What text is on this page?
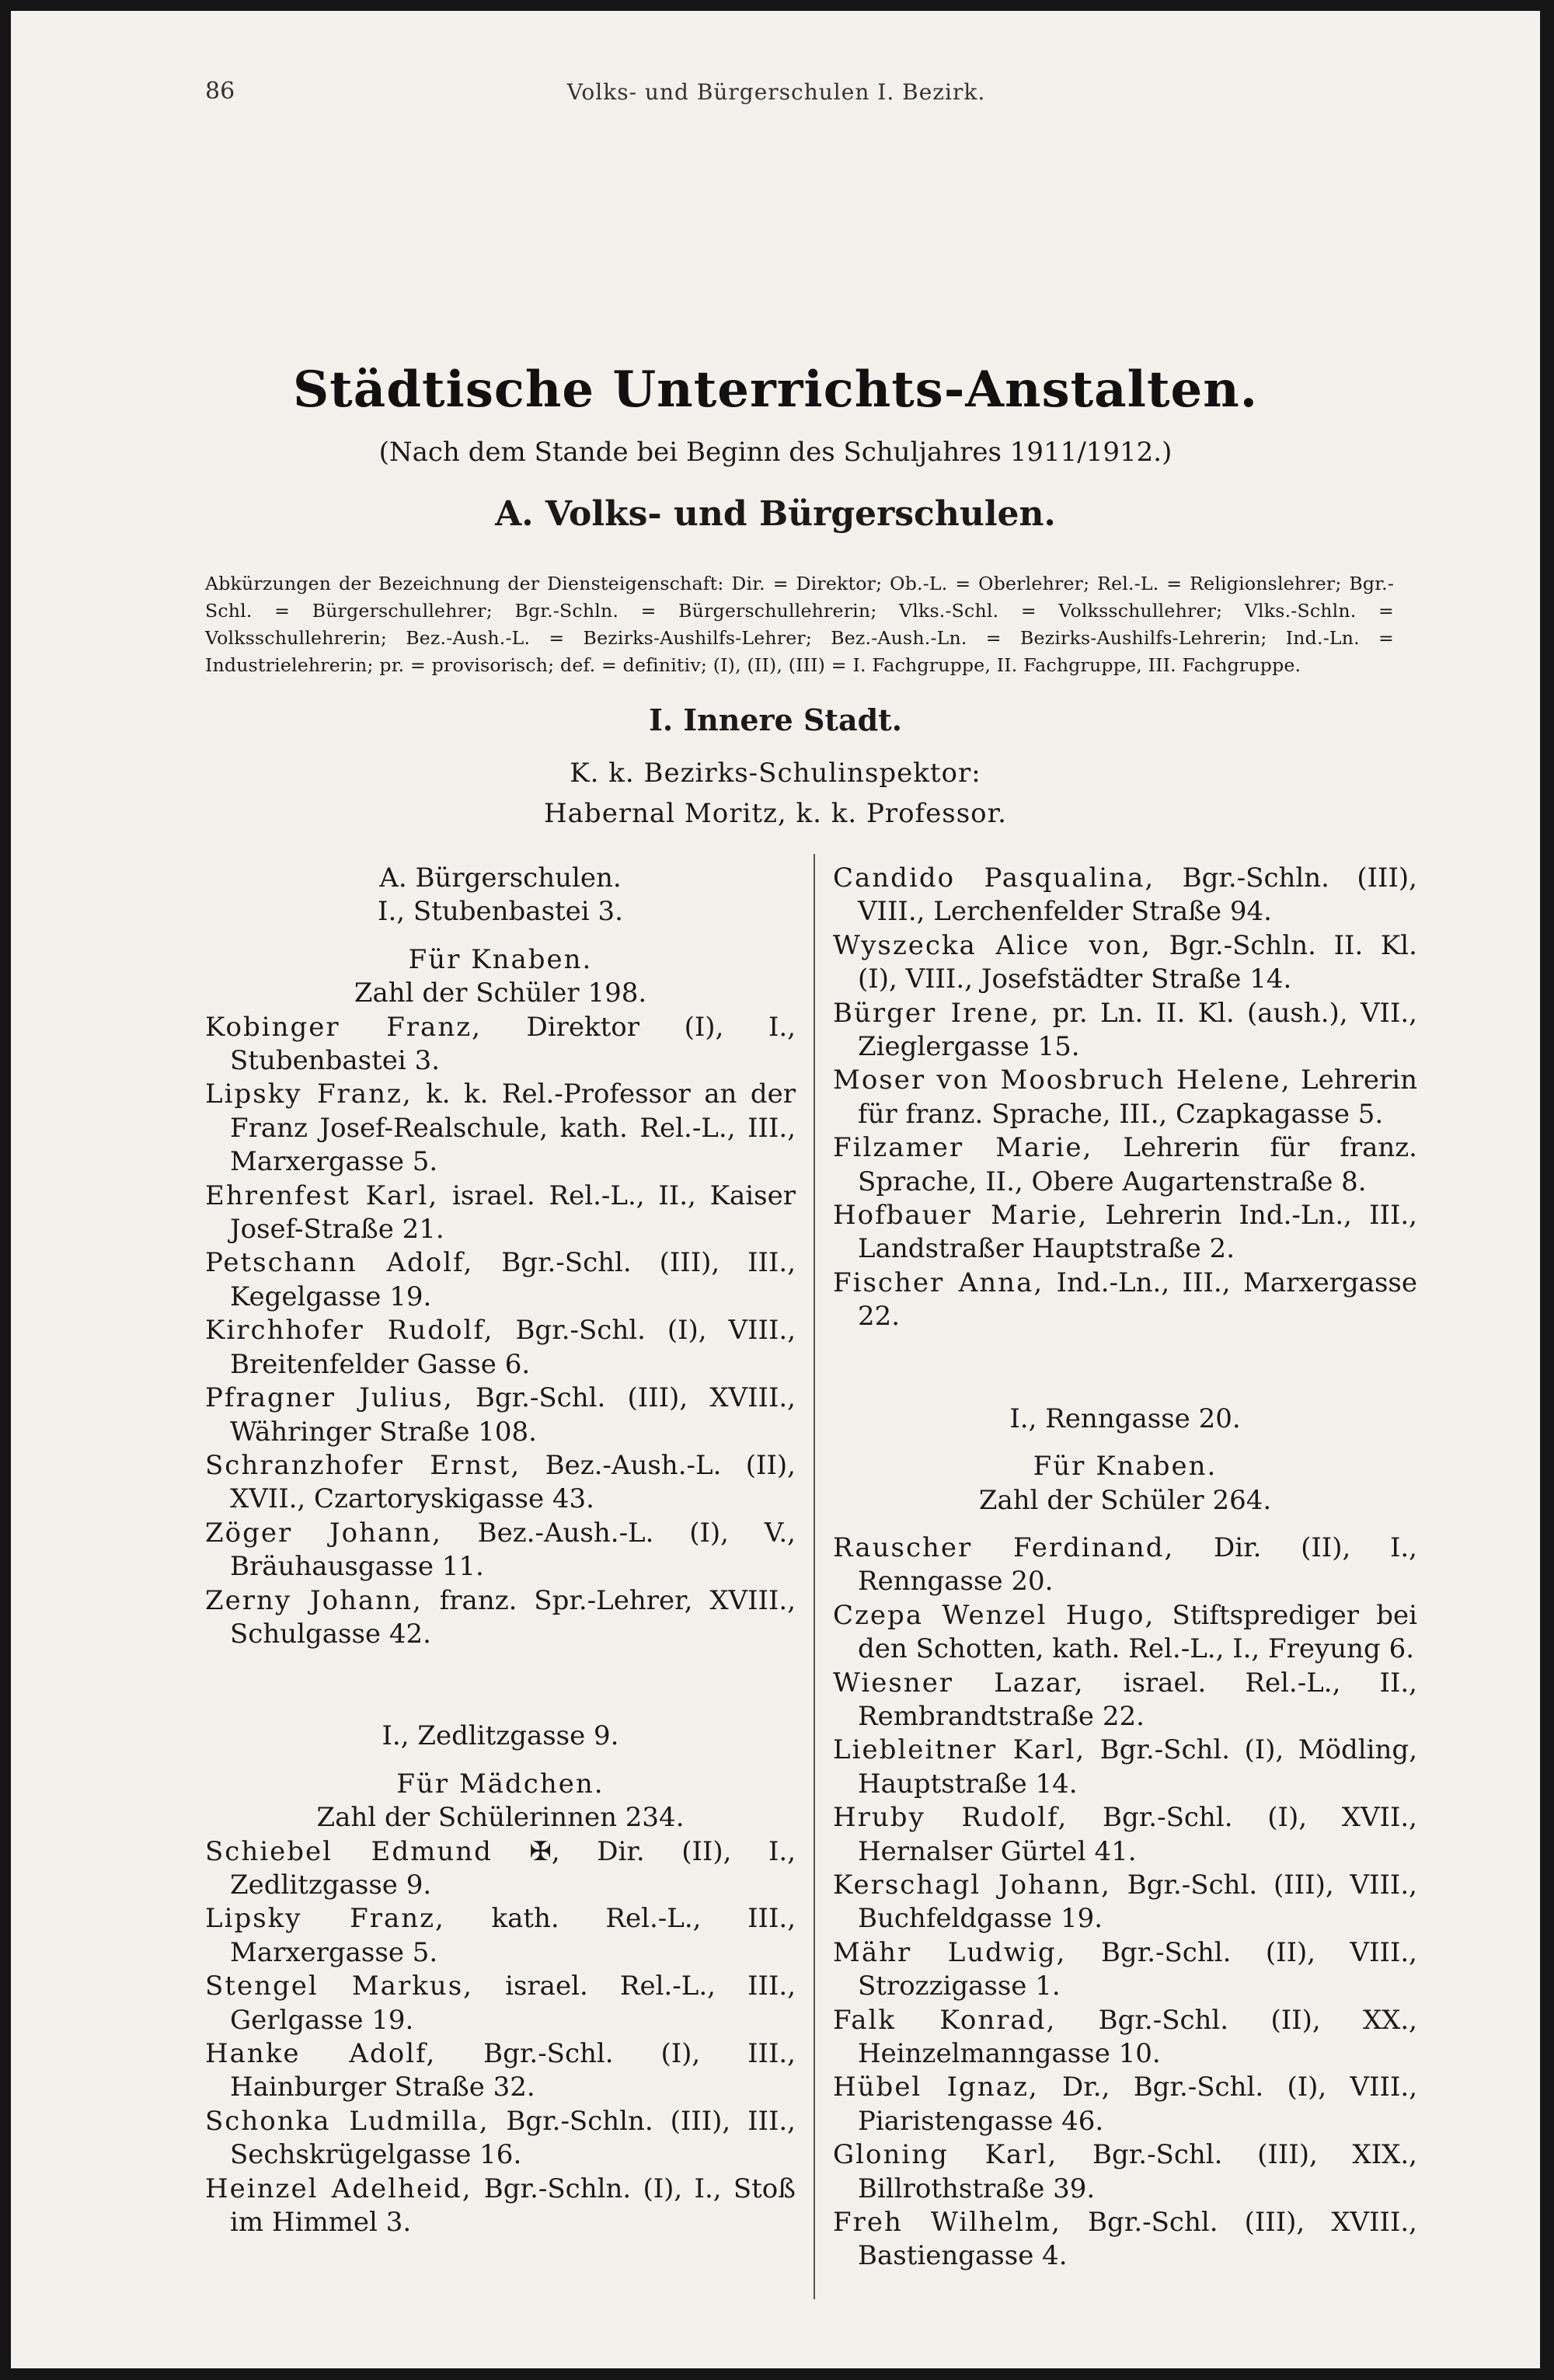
86	Volks- und Bürgerschulen I. Bezirk.
Städtische Unterrichts-Anstalten.
(Nach dem Stande bei Beginn des Schuljahres 1911/1912.)
A. Volks- und Bürgerschulen.
Abkürzungen der Bezeichnung der Diensteigenschaft: Dir. = Direktor; Ob.-L. = Oberlehrer; Rel.-L. = Religionslehrer; Bgr.-Schl. = Bürgerschullehrer; Bgr.-Schln. = Bürgerschullehrerin; Vlks.-Schl. = Volksschullehrer; Vlks.-Schln. = Volksschullehrerin; Bez.-Aush.-L. = Bezirks-Aushilfs-Lehrer; Bez.-Aush.-Ln. = Bezirks-Aushilfs-Lehrerin; Ind.-Ln. = Industrielehrerin; pr. = provisorisch; def. = definitiv; (I), (II), (III) = I. Fachgruppe, II. Fachgruppe, III. Fachgruppe.
I. Innere Stadt.
K. k. Bezirks-Schulinspektor:
Habernal Moritz, k. k. Professor.
A. Bürgerschulen.
I., Stubenbastei 3.
Für Knaben.
Zahl der Schüler 198.
Kobinger Franz, Direktor (I), I., Stubenbastei 3.
Lipsky Franz, k. k. Rel.-Professor an der Franz Josef-Realschule, kath. Rel.-L., III., Marxergasse 5.
Ehrenfest Karl, israel. Rel.-L., II., Kaiser Josef-Straße 21.
Petschann Adolf, Bgr.-Schl. (III), III., Kegelgasse 19.
Kirchhofer Rudolf, Bgr.-Schl. (I), VIII., Breitenfelder Gasse 6.
Pfragner Julius, Bgr.-Schl. (III), XVIII., Währinger Straße 108.
Schranzhofer Ernst, Bez.-Aush.-L. (II), XVII., Czartoryskigasse 43.
Zöger Johann, Bez.-Aush.-L. (I), V., Bräuhausgasse 11.
Zerny Johann, franz. Spr.-Lehrer, XVIII., Schulgasse 42.
I., Zedlitzgasse 9.
Für Mädchen.
Zahl der Schülerinnen 234.
Schiebel Edmund ✠, Dir. (II), I., Zedlitzgasse 9.
Lipsky Franz, kath. Rel.-L., III., Marxergasse 5.
Stengel Markus, israel. Rel.-L., III., Gerlgasse 19.
Hanke Adolf, Bgr.-Schl. (I), III., Hainburger Straße 32.
Schonka Ludmilla, Bgr.-Schln. (III), III., Sechskrügelgasse 16.
Heinzel Adelheid, Bgr.-Schln. (I), I., Stoß im Himmel 3.
Candido Pasqualina, Bgr.-Schln. (III), VIII., Lerchenfelder Straße 94.
Wyszecka Alice von, Bgr.-Schln. II. Kl. (I), VIII., Josefstädter Straße 14.
Bürger Irene, pr. Ln. II. Kl. (aush.), VII., Zieglergasse 15.
Moser von Moosbruch Helene, Lehrerin für franz. Sprache, III., Czapkagasse 5.
Filzamer Marie, Lehrerin für franz. Sprache, II., Obere Augartenstraße 8.
Hofbauer Marie, Lehrerin Ind.-Ln., III., Landstraßer Hauptstraße 2.
Fischer Anna, Ind.-Ln., III., Marxergasse 22.
I., Renngasse 20.
Für Knaben.
Zahl der Schüler 264.
Rauscher Ferdinand, Dir. (II), I., Renngasse 20.
Czepa Wenzel Hugo, Stiftsprediger bei den Schotten, kath. Rel.-L., I., Freyung 6.
Wiesner Lazar, israel. Rel.-L., II., Rembrandtstraße 22.
Liebleitner Karl, Bgr.-Schl. (I), Mödling, Hauptstraße 14.
Hruby Rudolf, Bgr.-Schl. (I), XVII., Hernalser Gürtel 41.
Kerschagl Johann, Bgr.-Schl. (III), VIII., Buchfeldgasse 19.
Mähr Ludwig, Bgr.-Schl. (II), VIII., Strozzigasse 1.
Falk Konrad, Bgr.-Schl. (II), XX., Heinzelmanngasse 10.
Hübel Ignaz, Dr., Bgr.-Schl. (I), VIII., Piaristengasse 46.
Gloning Karl, Bgr.-Schl. (III), XIX., Billrothstraße 39.
Freh Wilhelm, Bgr.-Schl. (III), XVIII., Bastiengasse 4.
